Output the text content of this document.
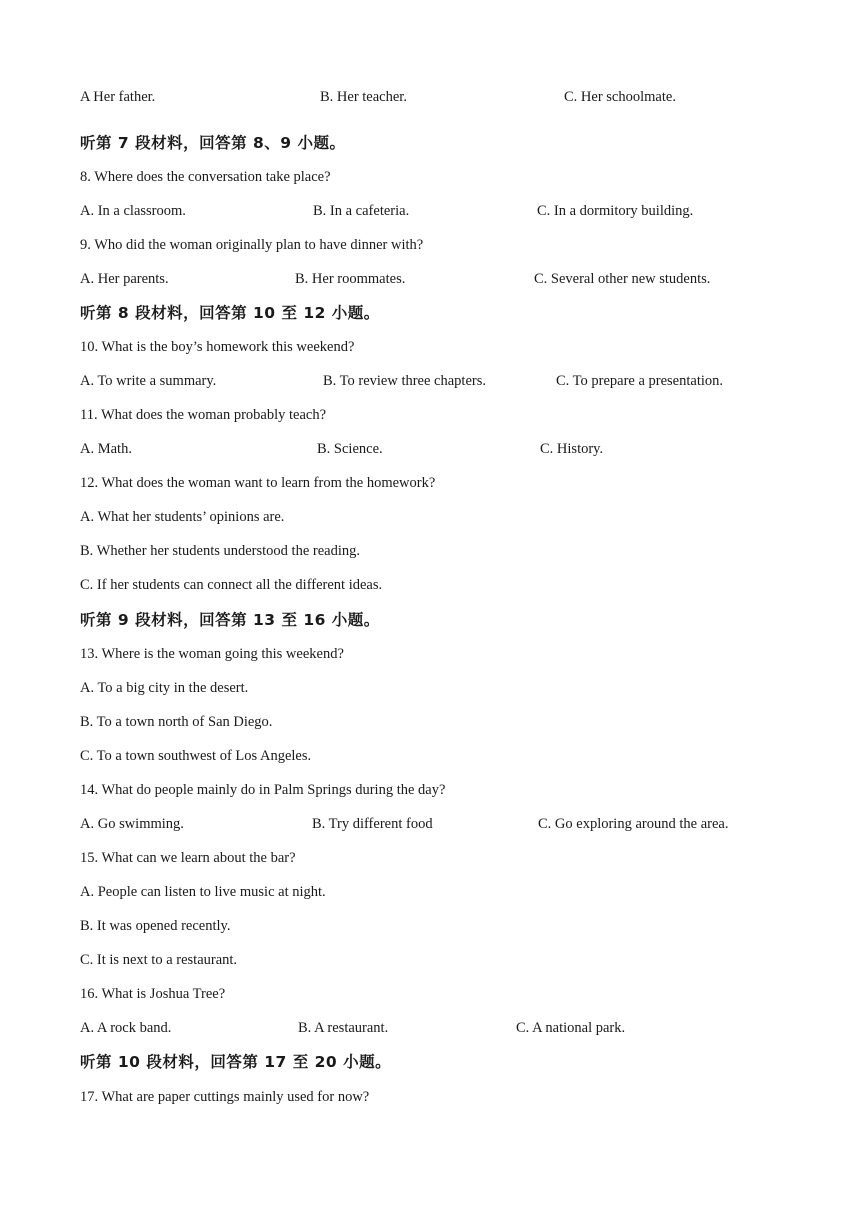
A Her father.	B. Her teacher.	C. Her schoolmate.
听第 7 段材料，回答第 8、9 小题。
8. Where does the conversation take place?
A. In a classroom.	B. In a cafeteria.	C. In a dormitory building.
9. Who did the woman originally plan to have dinner with?
A. Her parents.	B. Her roommates.	C. Several other new students.
听第 8 段材料，回答第 10 至 12 小题。
10. What is the boy’s homework this weekend?
A. To write a summary.	B. To review three chapters.	C. To prepare a presentation.
11. What does the woman probably teach?
A. Math.	B. Science.	C. History.
12. What does the woman want to learn from the homework?
A. What her students’ opinions are.
B. Whether her students understood the reading.
C. If her students can connect all the different ideas.
听第 9 段材料，回答第 13 至 16 小题。
13. Where is the woman going this weekend?
A. To a big city in the desert.
B. To a town north of San Diego.
C. To a town southwest of Los Angeles.
14. What do people mainly do in Palm Springs during the day?
A. Go swimming.	B. Try different food	C. Go exploring around the area.
15. What can we learn about the bar?
A. People can listen to live music at night.
B. It was opened recently.
C. It is next to a restaurant.
16. What is Joshua Tree?
A. A rock band.	B. A restaurant.	C. A national park.
听第 10 段材料，回答第 17 至 20 小题。
17. What are paper cuttings mainly used for now?
